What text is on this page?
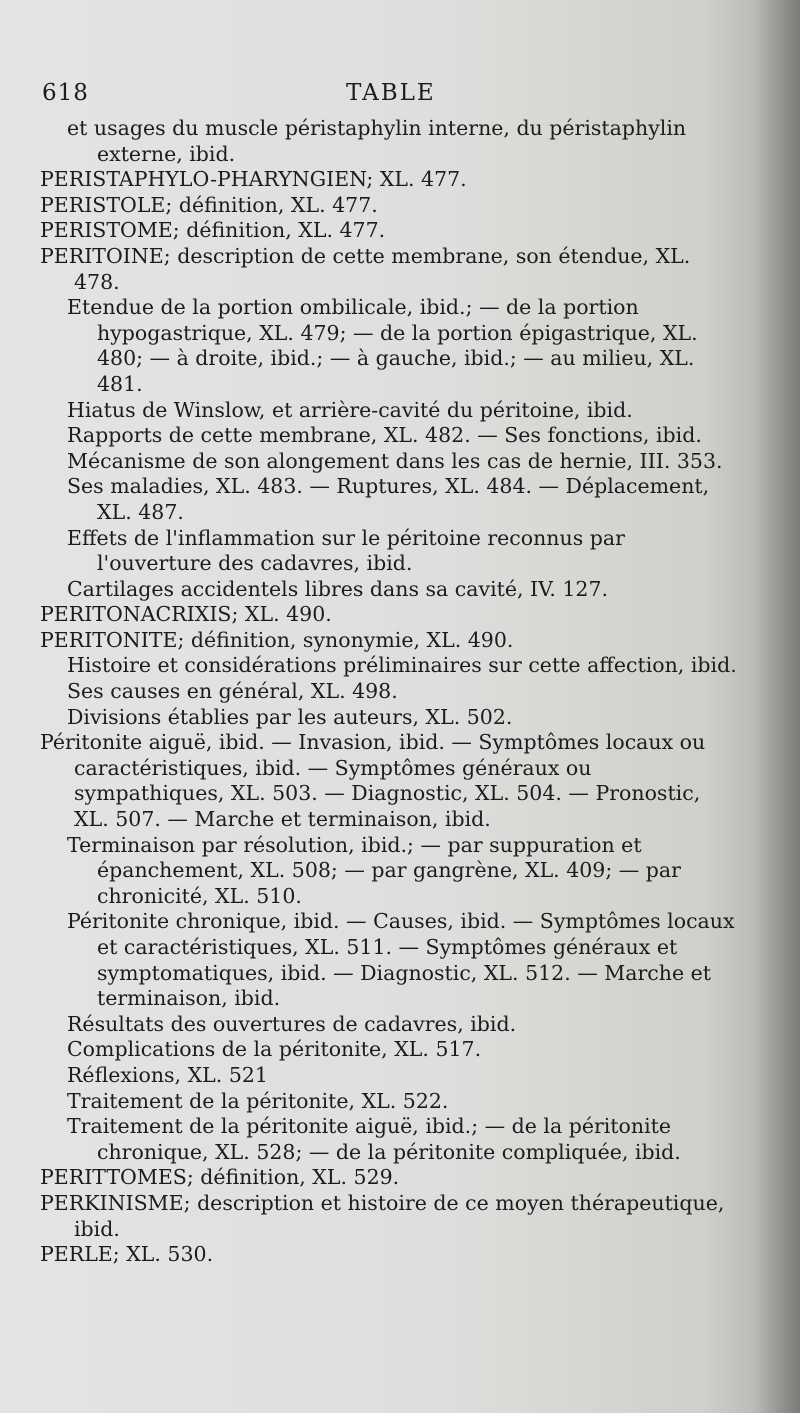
618	TABLE

et usages du muscle péristaphylin interne, du péristaphylin externe, ibid.

PERISTAPHYLO-PHARYNGIEN; XL. 477.

PERISTOLE; définition, XL. 477.

PERISTOME; définition, XL. 477.

PERITOINE; description de cette membrane, son étendue, XL. 478.

Etendue de la portion ombilicale, ibid.; — de la portion hypogastrique, XL. 479; — de la portion épigastrique, XL. 480; — à droite, ibid.; — à gauche, ibid.; — au milieu, XL. 481.

Hiatus de Winslow, et arrière-cavité du péritoine, ibid.

Rapports de cette membrane, XL. 482. — Ses fonctions, ibid.

Mécanisme de son alongement dans les cas de hernie, III. 353.

Ses maladies, XL. 483. — Ruptures, XL. 484. — Déplacement, XL. 487.

Effets de l'inflammation sur le péritoine reconnus par l'ouverture des cadavres, ibid.

Cartilages accidentels libres dans sa cavité, IV. 127.

PERITONACRIXIS; XL. 490.

PERITONITE; définition, synonymie, XL. 490.

Histoire et considérations préliminaires sur cette affection, ibid.

Ses causes en général, XL. 498.

Divisions établies par les auteurs, XL. 502.

Péritonite aiguë, ibid. — Invasion, ibid. — Symptômes locaux ou caractéristiques, ibid. — Symptômes généraux ou sympathiques, XL. 503. — Diagnostic, XL. 504. — Pronostic, XL. 507. — Marche et terminaison, ibid.

Terminaison par résolution, ibid.; — par suppuration et épanchement, XL. 508; — par gangrène, XL. 409; — par chronicité, XL. 510.

Péritonite chronique, ibid. — Causes, ibid. — Symptômes locaux et caractéristiques, XL. 511. — Symptômes généraux et symptomatiques, ibid. — Diagnostic, XL. 512. — Marche et terminaison, ibid.

Résultats des ouvertures de cadavres, ibid.

Complications de la péritonite, XL. 517.

Réflexions, XL. 521

Traitement de la péritonite, XL. 522.

Traitement de la péritonite aiguë, ibid.; — de la péritonite chronique, XL. 528; — de la péritonite compliquée, ibid.

PERITTOMES; définition, XL. 529.

PERKINISME; description et histoire de ce moyen thérapeutique, ibid.

PERLE; XL. 530.
